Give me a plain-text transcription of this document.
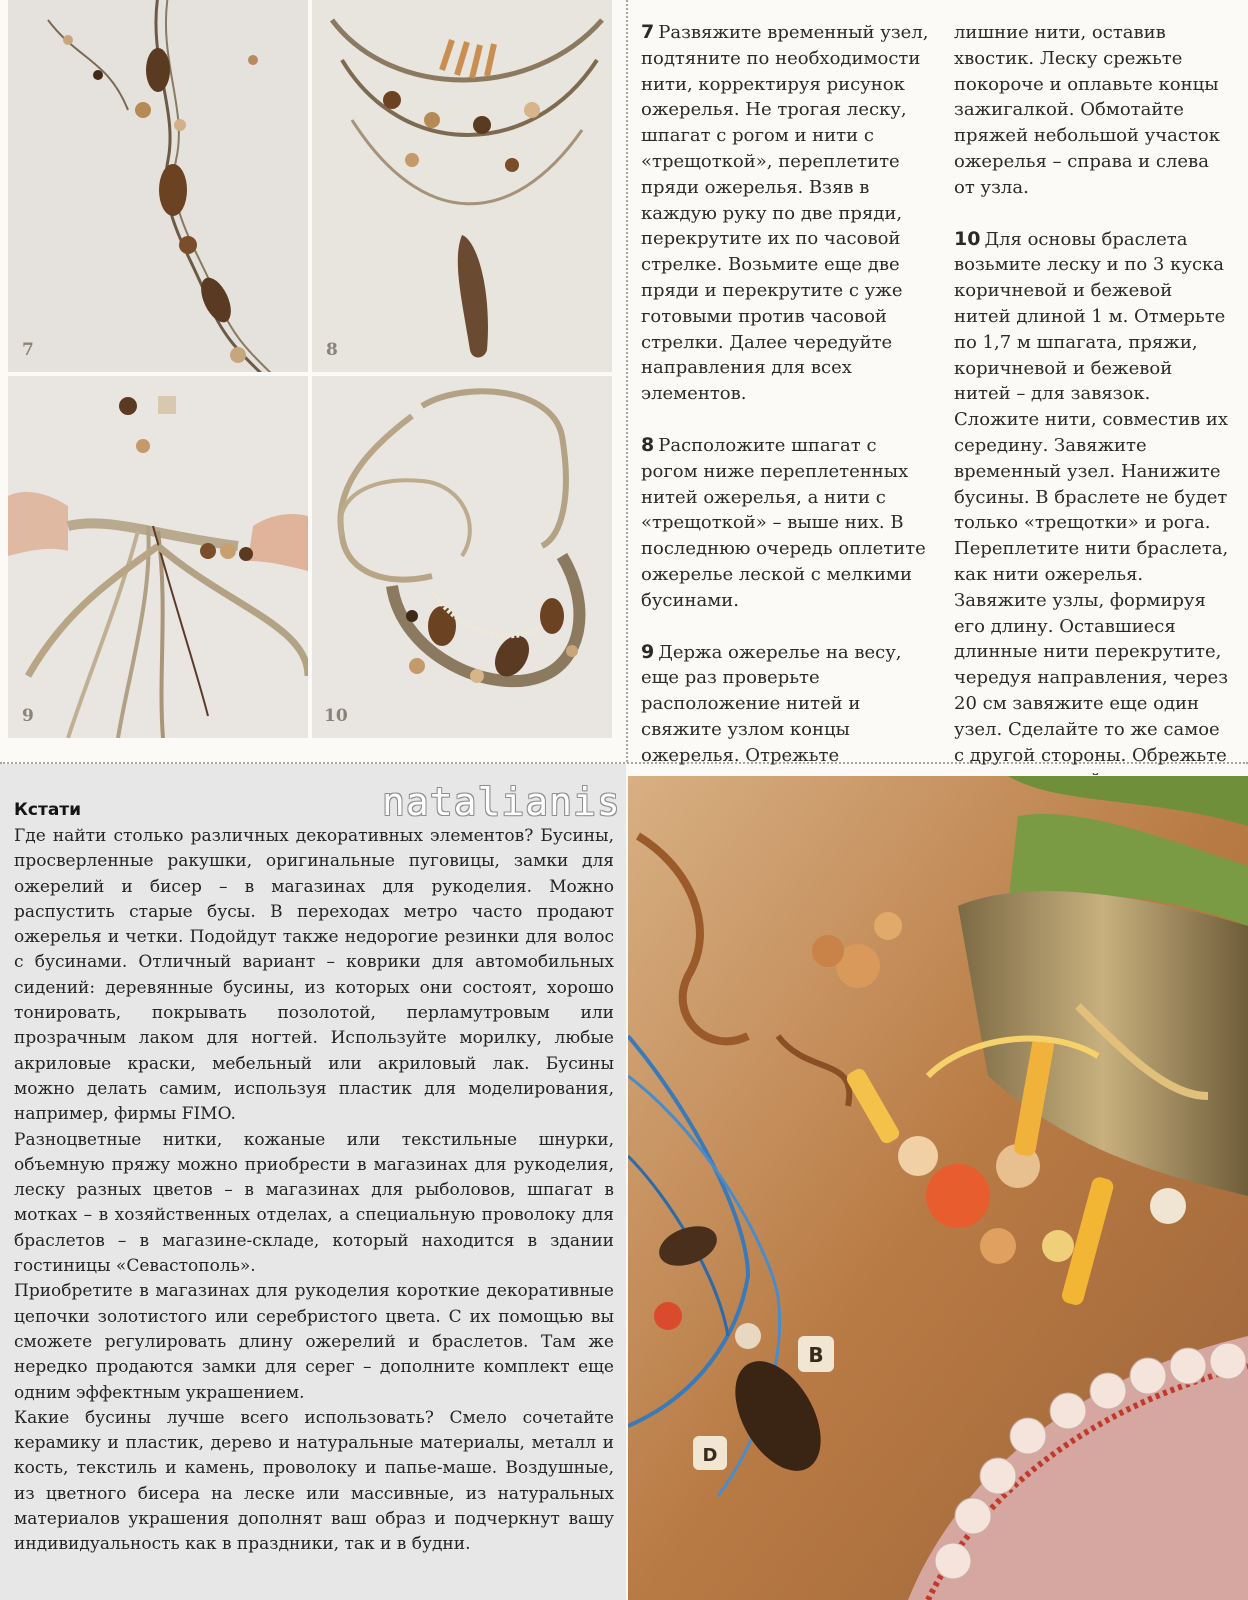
7	8
9	10

7 Развяжите временный узел, подтяните по необходимости нити, корректируя рисунок ожерелья. Не трогая леску, шпагат с рогом и нити с «трещоткой», переплетите пряди ожерелья. Взяв в каждую руку по две пряди, перекрутите их по часовой стрелке. Возьмите еще две пряди и перекрутите с уже готовыми против часовой стрелки. Далее чередуйте направления для всех элементов.

8 Расположите шпагат с рогом ниже переплетенных нитей ожерелья, а нити с «трещоткой» – выше них. В последнюю очередь оплетите ожерелье леской с мелкими бусинами.

9 Держа ожерелье на весу, еще раз проверьте расположение нитей и свяжите узлом концы ожерелья. Отрежьте

лишние нити, оставив хвостик. Леску срежьте покороче и оплавьте концы зажигалкой. Обмотайте пряжей небольшой участок ожерелья – справа и слева от узла.

10 Для основы браслета возьмите леску и по 3 куска коричневой и бежевой нитей длиной 1 м. Отмерьте по 1,7 м шпагата, пряжи, коричневой и бежевой нитей – для завязок. Сложите нити, совместив их середину. Завяжите временный узел. Нанижите бусины. В браслете не будет только «трещотки» и рога. Переплетите нити браслета, как нити ожерелья. Завяжите узлы, формируя его длину. Оставшиеся длинные нити перекрутите, чередуя направления, через 20 см завяжите еще один узел. Сделайте то же самое с другой стороны. Обрежьте

Кстати	natalianis

Где найти столько различных декоративных элементов? Бусины, просверленные ракушки, оригинальные пуговицы, замки для ожерелий и бисер – в магазинах для рукоделия. Можно распустить старые бусы. В переходах метро часто продают ожерелья и четки. Подойдут также недорогие резинки для волос с бусинами. Отличный вариант – коврики для автомобильных сидений: деревянные бусины, из которых они состоят, хорошо тонировать, покрывать позолотой, перламутровым или прозрачным лаком для ногтей. Используйте морилку, любые акриловые краски, мебельный или акриловый лак. Бусины можно делать самим, используя пластик для моделирования, например, фирмы FIMO.

Разноцветные нитки, кожаные или текстильные шнурки, объемную пряжу можно приобрести в магазинах для рукоделия, леску разных цветов – в магазинах для рыболовов, шпагат в мотках – в хозяйственных отделах, а специальную проволоку для браслетов – в магазине-складе, который находится в здании гостиницы «Севастополь».

Приобретите в магазинах для рукоделия короткие декоративные цепочки золотистого или серебристого цвета. С их помощью вы сможете регулировать длину ожерелий и браслетов. Там же нередко продаются замки для серег – дополните комплект еще одним эффектным украшением.

Какие бусины лучше всего использовать? Смело сочетайте керамику и пластик, дерево и натуральные материалы, металл и кость, текстиль и камень, проволоку и папье-маше. Воздушные, из цветного бисера на леске или массивные, из натуральных материалов украшения дополнят ваш образ и подчеркнут вашу индивидуальность как в праздники, так и в будни.

B
D
